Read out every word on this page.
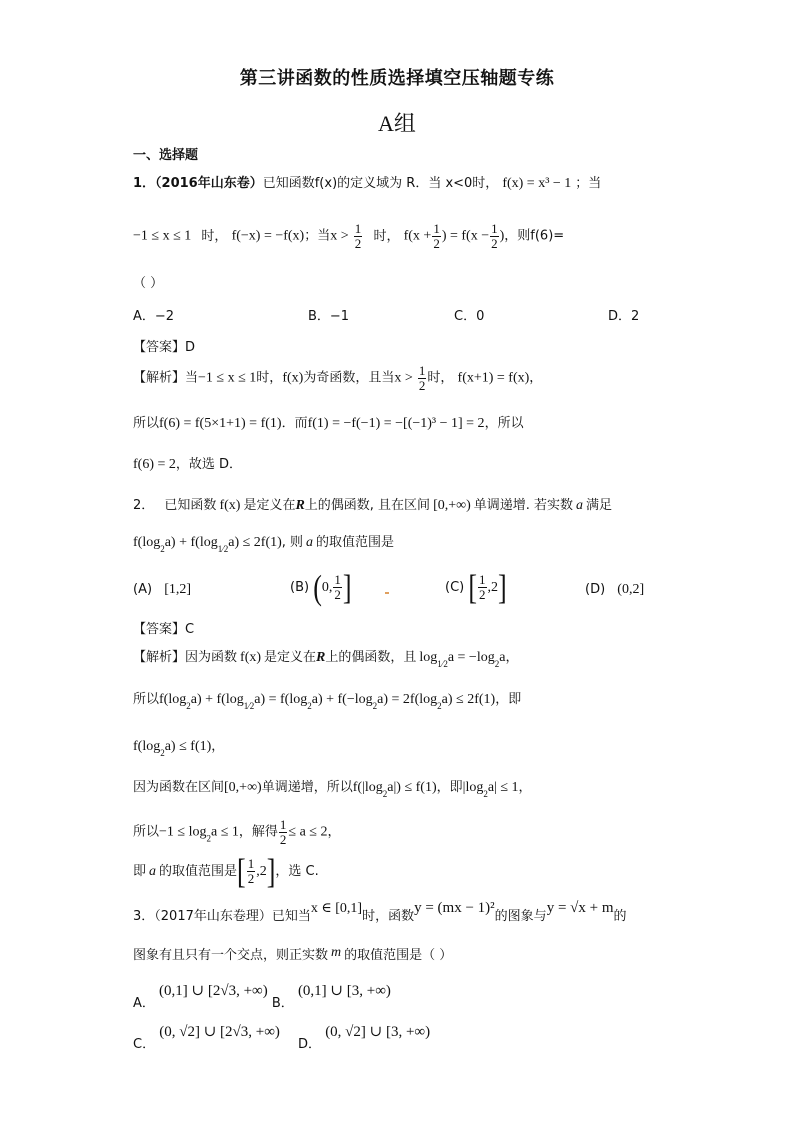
第三讲函数的性质选择填空压轴题专练
A组
一、选择题
1．（2016年山东卷）已知函数f(x)的定义域为 R．当 x<0时， f(x) = x³ − 1 ；当
−1 ≤ x ≤ 1 时， f(−x) = −f(x)；当$x > \frac{1}{2}$ 时， $f(x + \frac{1}{2}$ ) = $f(x - \frac{1}{2}$ )，则f(6)=
（ ）
A．−2	B．−1	C．0	D．2
【答案】D
【解析】当−1 ≤ x ≤ 1时，f(x)为奇函数，且当$x > \frac{1}{2}$ 时， f(x+1) = f(x)，
所以f(6) = f(5×1+1) = f(1)．而f(1) = −f(−1) = −[(−1)³ − 1] = 2，所以
f(6) = 2，故选 D．
2． 已知函数 f(x) 是定义在R上的偶函数, 且在区间 [0,+∞) 单调递增. 若实数 a 满足
$f(\log_2a) + f(\log_{1⁄2}a) \le 2f(1)$, 则 a 的取值范围是
(A) [1,2]	(B) (0, $\frac{1}{2}$ ]	(C) [ $\frac{1}{2} ,2$]	(D) (0,2]
【答案】C
【解析】因为函数 f(x) 是定义在R上的偶函数，且 $\log_{1⁄2}a = -\log_2a$，
所以$f(\log_2a) + f(\log_{1⁄2}a) = f(\log_2a) + f(-\log_2a) = 2f(\log_2a) \le 2f(1)$，即
$f(\log_2a) \le f(1)$，
因为函数在区间[0,+∞)单调递增，所以$f(|\log_2a|) \le f(1)$，即$|\log_2a| \le 1$，
所以$-1 \le \log_2a \le 1$，解得 $\frac{1}{2} \le a \le 2$，
即 a 的取值范围是[ $\frac{1}{2} ,2$]，选 C.
3．（2017年山东卷理）已知当x ∈ [0,1]时，函数y = (mx − 1)²的图象与y = √x + m的
图象有且只有一个交点，则正实数 m 的取值范围是（ ）
A． (0,1] ∪ [2√3, +∞) B． (0,1] ∪ [3, +∞)
C． (0, √2] ∪ [2√3, +∞) D． (0, √2] ∪ [3, +∞)
